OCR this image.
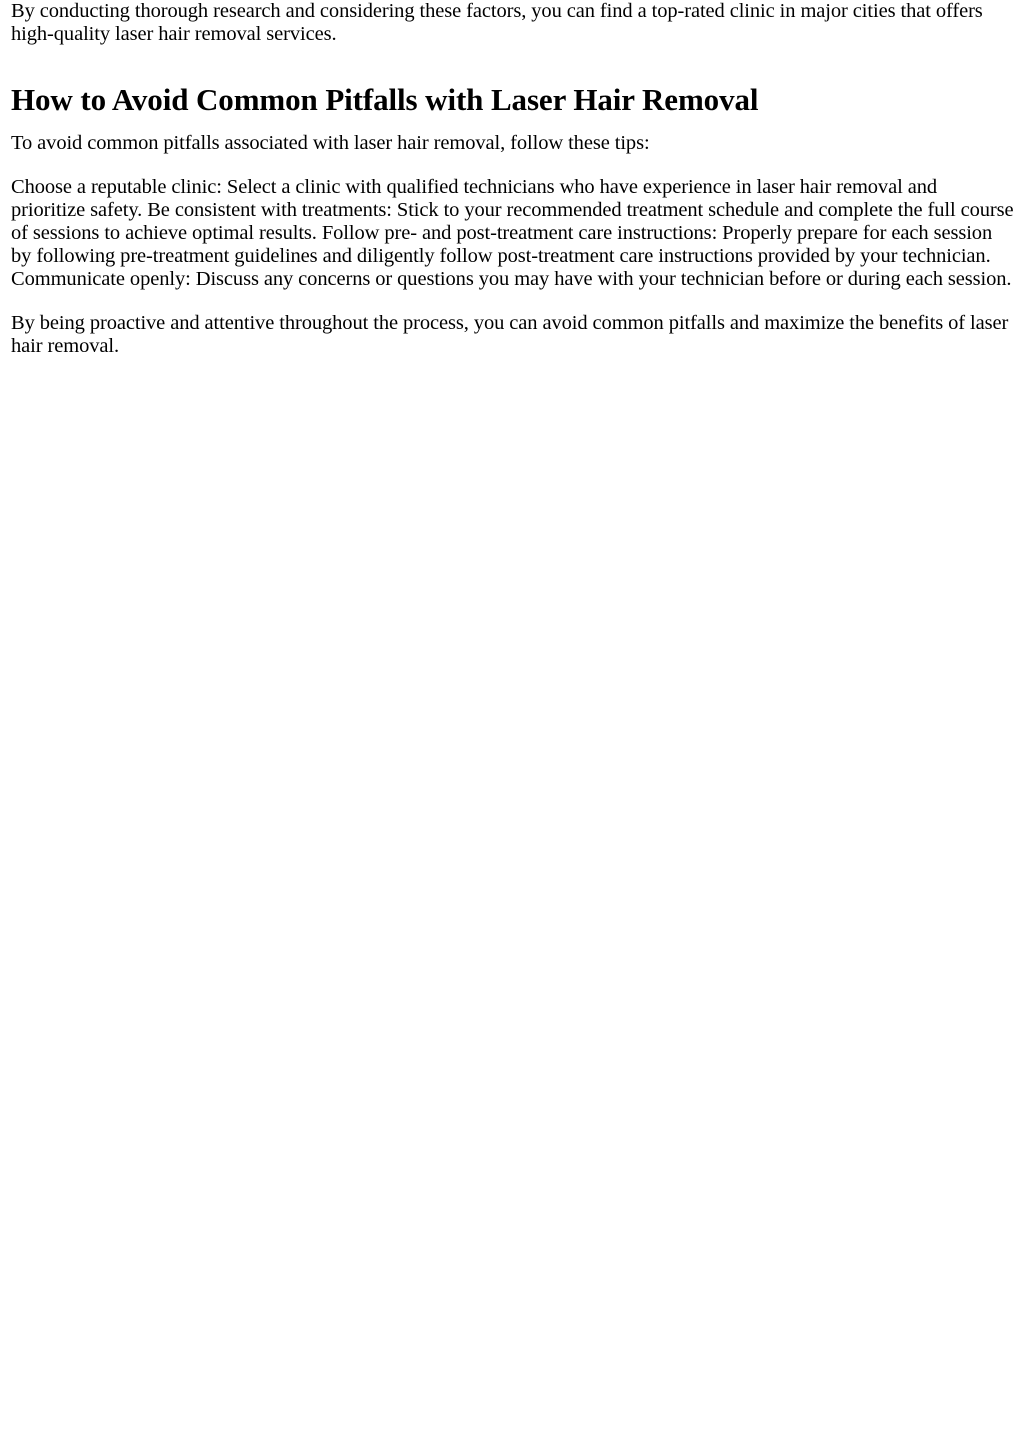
By conducting thorough research and considering these factors, you can find a top-rated clinic in major cities that offers high-quality laser hair removal services.

How to Avoid Common Pitfalls with Laser Hair Removal

To avoid common pitfalls associated with laser hair removal, follow these tips:

Choose a reputable clinic: Select a clinic with qualified technicians who have experience in laser hair removal and prioritize safety. Be consistent with treatments: Stick to your recommended treatment schedule and complete the full course of sessions to achieve optimal results. Follow pre- and post-treatment care instructions: Properly prepare for each session by following pre-treatment guidelines and diligently follow post-treatment care instructions provided by your technician. Communicate openly: Discuss any concerns or questions you may have with your technician before or during each session.

By being proactive and attentive throughout the process, you can avoid common pitfalls and maximize the benefits of laser hair removal.
